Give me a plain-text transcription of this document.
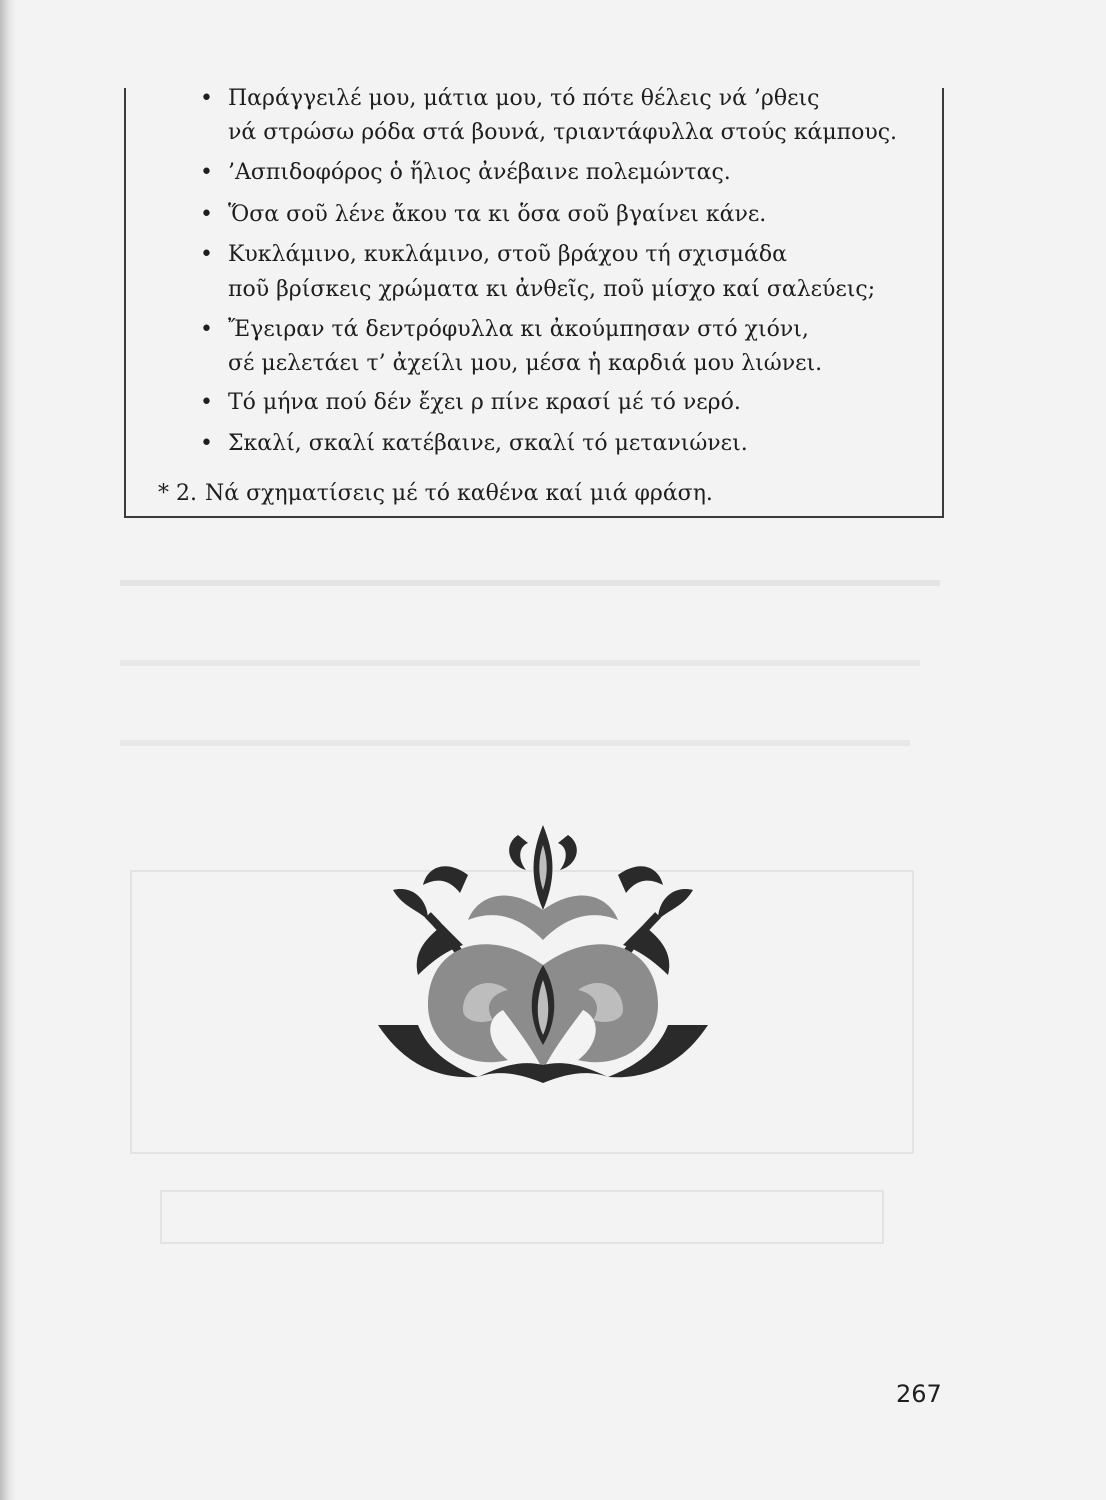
• Παράγγειλέ μου, μάτια μου, τό πότε θέλεις νά ’ρθεις
νά στρώσω ρόδα στά βουνά, τριαντάφυλλα στούς κάμπους.
• ’Ασπιδοφόρος ὁ ἥλιος ἀνέβαινε πολεμώντας.
• Ὅσα σοῦ λένε ἄκου τα κι ὅσα σοῦ βγαίνει κάνε.
• Κυκλάμινο, κυκλάμινο, στοῦ βράχου τή σχισμάδα
ποῦ βρίσκεις χρώματα κι ἀνθεῖς, ποῦ μίσχο καί σαλεύεις;
• Ἔγειραν τά δεντρόφυλλα κι ἀκούμπησαν στό χιόνι,
σέ μελετάει τ’ ἀχείλι μου, μέσα ἡ καρδιά μου λιώνει.
• Τό μήνα πού δέν ἔχει ρ πίνε κρασί μέ τό νερό.
• Σκαλί, σκαλί κατέβαινε, σκαλί τό μετανιώνει.
* 2. Νά σχηματίσεις μέ τό καθένα καί μιά φράση.
267
